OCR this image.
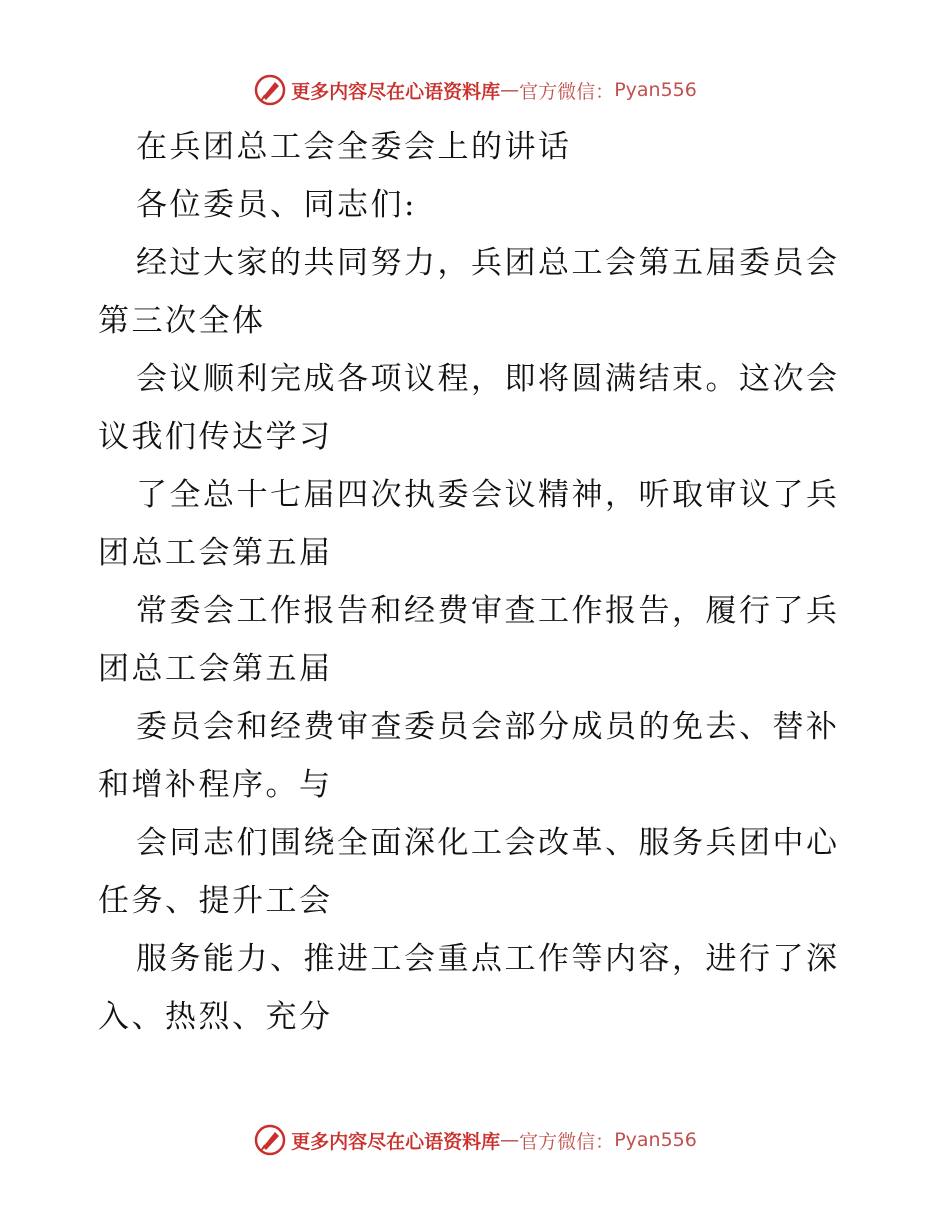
更多内容尽在心语资料库 — 官方微信： Pyan556
在兵团总工会全委会上的讲话
各位委员、同志们:
经过大家的共同努力，兵团总工会第五届委员会
第三次全体
会议顺利完成各项议程，即将圆满结束。这次会
议我们传达学习
了全总十七届四次执委会议精神，听取审议了兵
团总工会第五届
常委会工作报告和经费审查工作报告，履行了兵
团总工会第五届
委员会和经费审查委员会部分成员的免去、替补
和增补程序。与
会同志们围绕全面深化工会改革、服务兵团中心
任务、提升工会
服务能力、推进工会重点工作等内容，进行了深
入、热烈、充分
更多内容尽在心语资料库 — 官方微信： Pyan556
